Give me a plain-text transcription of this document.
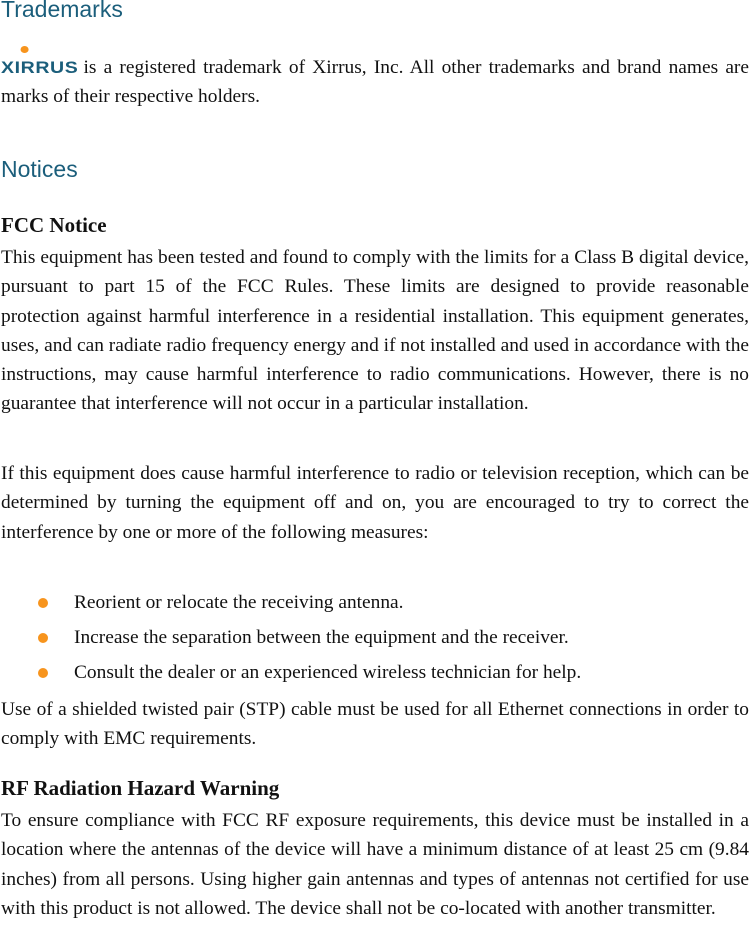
Trademarks

XIRRUS is a registered trademark of Xirrus, Inc. All other trademarks and brand names are marks of their respective holders.

Notices
FCC Notice

This equipment has been tested and found to comply with the limits for a Class B digital device, pursuant to part 15 of the FCC Rules. These limits are designed to provide reasonable protection against harmful interference in a residential installation. This equipment generates, uses, and can radiate radio frequency energy and if not installed and used in accordance with the instructions, may cause harmful interference to radio communications. However, there is no guarantee that interference will not occur in a particular installation.

If this equipment does cause harmful interference to radio or television reception, which can be determined by turning the equipment off and on, you are encouraged to try to correct the interference by one or more of the following measures:

Reorient or relocate the receiving antenna.
Increase the separation between the equipment and the receiver.
Consult the dealer or an experienced wireless technician for help.

Use of a shielded twisted pair (STP) cable must be used for all Ethernet connections in order to comply with EMC requirements.

RF Radiation Hazard Warning

To ensure compliance with FCC RF exposure requirements, this device must be installed in a location where the antennas of the device will have a minimum distance of at least 25 cm (9.84 inches) from all persons. Using higher gain antennas and types of antennas not certified for use with this product is not allowed. The device shall not be co-located with another transmitter.
